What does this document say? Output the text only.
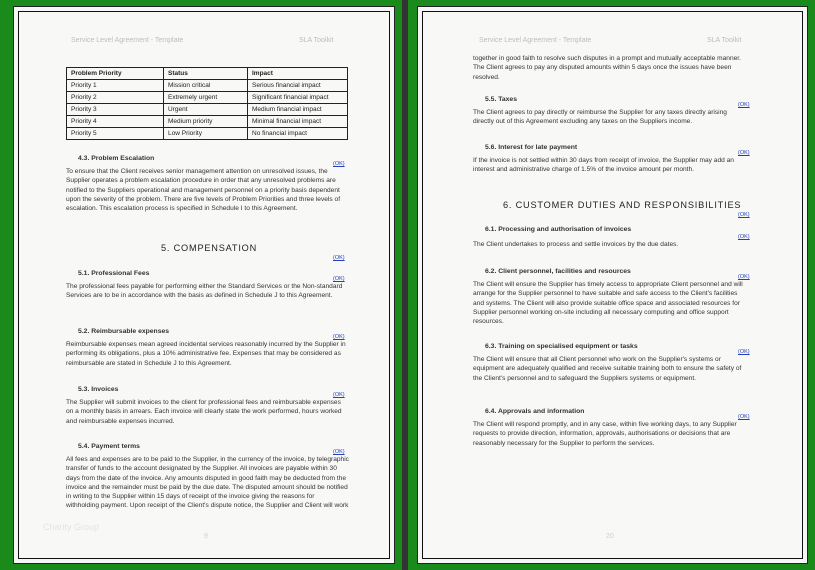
Service Level Agreement - Template	SLA Toolkit
Problem Priority	Status	Impact
Priority 1	Mission critical	Serious financial impact
Priority 2	Extremely urgent	Significant financial impact
Priority 3	Urgent	Medium financial impact
Priority 4	Medium priority	Minimal financial impact
Priority 5	Low Priority	No financial impact
4.3. Problem Escalation
(OK)

To ensure that the Client receives senior management attention on unresolved issues, the Supplier operates a problem escalation procedure in order that any unresolved problems are notified to the Suppliers operational and management personnel on a priority basis dependent upon the severity of the problem. There are five levels of Problem Priorities and three levels of escalation. This escalation process is specified in Schedule I to this Agreement.

5. COMPENSATION
(OK)
5.1. Professional Fees
(OK)

The professional fees payable for performing either the Standard Services or the Non-standard Services are to be in accordance with the basis as defined in Schedule J to this Agreement.

5.2. Reimbursable expenses
(OK)

Reimbursable expenses mean agreed incidental services reasonably incurred by the Supplier in performing its obligations, plus a 10% administrative fee. Expenses that may be considered as reimbursable are stated in Schedule J to this Agreement.

5.3. Invoices
(OK)

The Supplier will submit invoices to the client for professional fees and reimbursable expenses on a monthly basis in arrears. Each invoice will clearly state the work performed, hours worked and reimbursable expenses incurred.

5.4. Payment terms
(OK)

All fees and expenses are to be paid to the Supplier, in the currency of the invoice, by telegraphic transfer of funds to the account designated by the Supplier. All invoices are payable within 30 days from the date of the invoice. Any amounts disputed in good faith may be deducted from the invoice and the remainder must be paid by the due date. The disputed amount should be notified in writing to the Supplier within 15 days of receipt of the invoice giving the reasons for withholding payment. Upon receipt of the Client's dispute notice, the Supplier and Client will work

Charity Group
9
Service Level Agreement - Template	SLA Toolkit

together in good faith to resolve such disputes in a prompt and mutually acceptable manner. The Client agrees to pay any disputed amounts within 5 days once the issues have been resolved.

5.5. Taxes
(OK)

The Client agrees to pay directly or reimburse the Supplier for any taxes directly arising directly out of this Agreement excluding any taxes on the Suppliers income.

5.6. Interest for late payment
(OK)

If the invoice is not settled within 30 days from receipt of invoice, the Supplier may add an interest and administrative charge of 1.5% of the invoice amount per month.

6. CUSTOMER DUTIES AND RESPONSIBILITIES
(OK)
6.1. Processing and authorisation of invoices
(OK)

The Client undertakes to process and settle invoices by the due dates.

6.2. Client personnel, facilities and resources
(OK)

The Client will ensure the Supplier has timely access to appropriate Client personnel and will arrange for the Supplier personnel to have suitable and safe access to the Client's facilities and systems. The Client will also provide suitable office space and associated resources for Supplier personnel working on-site including all necessary computing and office support resources.

6.3. Training on specialised equipment or tasks
(OK)

The Client will ensure that all Client personnel who work on the Supplier's systems or equipment are adequately qualified and receive suitable training both to ensure the safety of the Client's personnel and to safeguard the Suppliers systems or equipment.

6.4. Approvals and information
(OK)

The Client will respond promptly, and in any case, within five working days, to any Supplier requests to provide direction, information, approvals, authorisations or decisions that are reasonably necessary for the Supplier to perform the services.

20
